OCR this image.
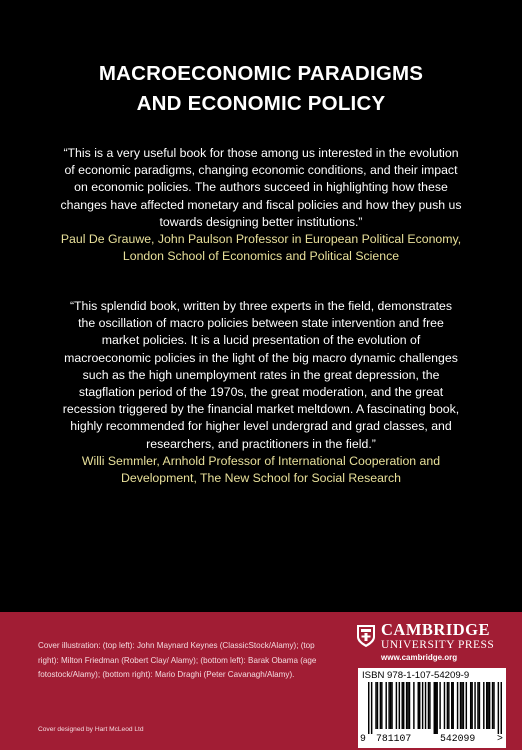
MACROECONOMIC PARADIGMS
AND ECONOMIC POLICY

“This is a very useful book for those among us interested in the evolution of economic paradigms, changing economic conditions, and their impact on economic policies. The authors succeed in highlighting how these changes have affected monetary and fiscal policies and how they push us towards designing better institutions.”

Paul De Grauwe, John Paulson Professor in European Political Economy, London School of Economics and Political Science

“This splendid book, written by three experts in the field, demonstrates the oscillation of macro policies between state intervention and free market policies. It is a lucid presentation of the evolution of macroeconomic policies in the light of the big macro dynamic challenges such as the high unemployment rates in the great depression, the stagflation period of the 1970s, the great moderation, and the great recession triggered by the financial market meltdown. A fascinating book, highly recommended for higher level undergrad and grad classes, and researchers, and practitioners in the field.”

Willi Semmler, Arnhold Professor of International Cooperation and Development, The New School for Social Research
Cover illustration: (top left): John Maynard Keynes (ClassicStock/Alamy); (top right): Milton Friedman (Robert Clay/ Alamy); (bottom left): Barak Obama (age fotostock/Alamy); (bottom right): Mario Draghi (Peter Cavanagh/Alamy).
Cover designed by Hart McLeod Ltd
CAMBRIDGE
UNIVERSITY PRESS
www.cambridge.org
ISBN 978-1-107-54209-9
9 781107	542099 >
